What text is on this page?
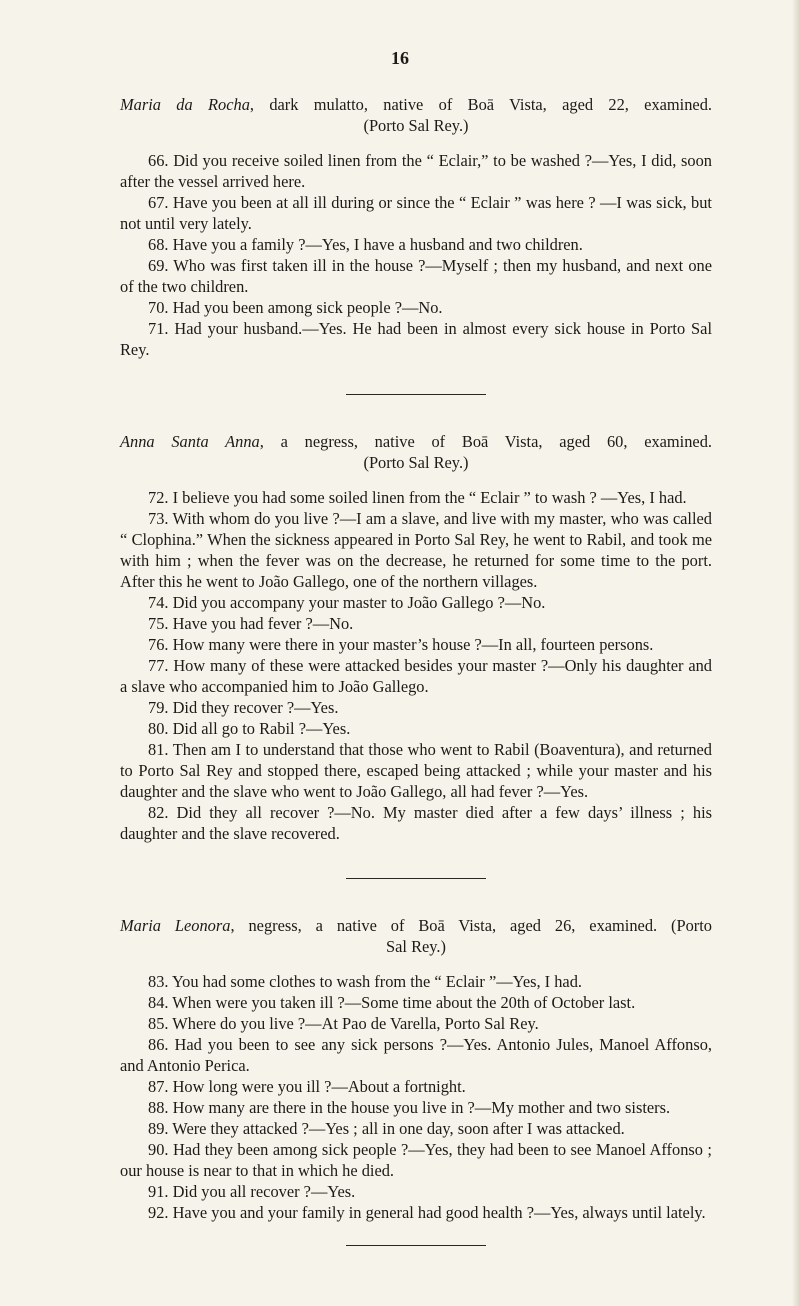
16
Maria da Rocha, dark mulatto, native of Boā Vista, aged 22, examined.
(Porto Sal Rey.)

66. Did you receive soiled linen from the “ Eclair,” to be washed ?—Yes, I did, soon after the vessel arrived here.

67. Have you been at all ill during or since the “ Eclair ” was here ? —I was sick, but not until very lately.

68. Have you a family ?—Yes, I have a husband and two children.

69. Who was first taken ill in the house ?—Myself ; then my husband, and next one of the two children.

70. Had you been among sick people ?—No.

71. Had your husband.—Yes. He had been in almost every sick house in Porto Sal Rey.

Anna Santa Anna, a negress, native of Boā Vista, aged 60, examined.
(Porto Sal Rey.)

72. I believe you had some soiled linen from the “ Eclair ” to wash ? —Yes, I had.

73. With whom do you live ?—I am a slave, and live with my master, who was called “ Clophina.” When the sickness appeared in Porto Sal Rey, he went to Rabil, and took me with him ; when the fever was on the decrease, he returned for some time to the port. After this he went to João Gallego, one of the northern villages.

74. Did you accompany your master to João Gallego ?—No.

75. Have you had fever ?—No.

76. How many were there in your master’s house ?—In all, fourteen persons.

77. How many of these were attacked besides your master ?—Only his daughter and a slave who accompanied him to João Gallego.

79. Did they recover ?—Yes.

80. Did all go to Rabil ?—Yes.

81. Then am I to understand that those who went to Rabil (Boaventura), and returned to Porto Sal Rey and stopped there, escaped being attacked ; while your master and his daughter and the slave who went to João Gallego, all had fever ?—Yes.

82. Did they all recover ?—No. My master died after a few days’ illness ; his daughter and the slave recovered.

Maria Leonora, negress, a native of Boā Vista, aged 26, examined. (Porto
Sal Rey.)

83. You had some clothes to wash from the “ Eclair ”—Yes, I had.

84. When were you taken ill ?—Some time about the 20th of October last.

85. Where do you live ?—At Pao de Varella, Porto Sal Rey.

86. Had you been to see any sick persons ?—Yes. Antonio Jules, Manoel Affonso, and Antonio Perica.

87. How long were you ill ?—About a fortnight.

88. How many are there in the house you live in ?—My mother and two sisters.

89. Were they attacked ?—Yes ; all in one day, soon after I was attacked.

90. Had they been among sick people ?—Yes, they had been to see Manoel Affonso ; our house is near to that in which he died.

91. Did you all recover ?—Yes.

92. Have you and your family in general had good health ?—Yes, always until lately.
